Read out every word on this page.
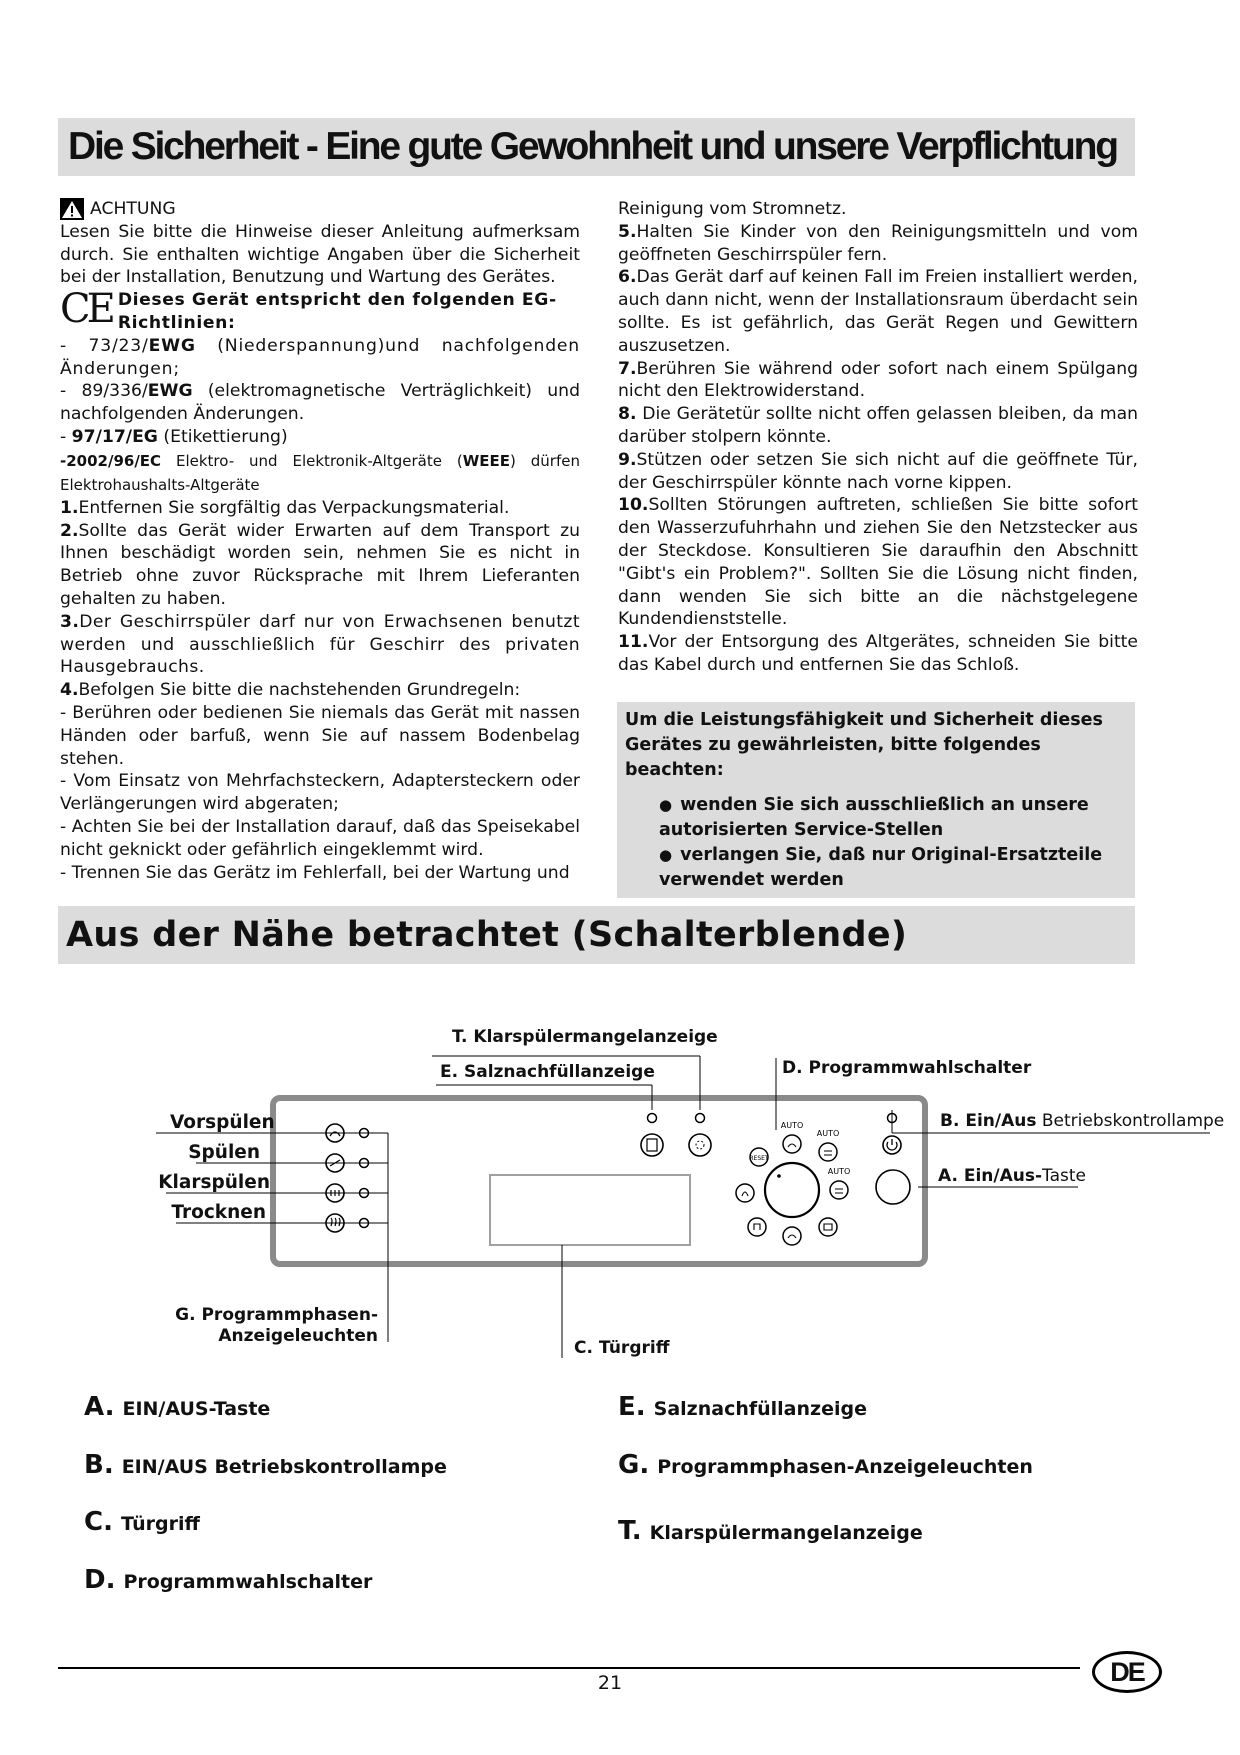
Die Sicherheit - Eine gute Gewohnheit und unsere Verpflichtung
ACHTUNG

Lesen Sie bitte die Hinweise dieser Anleitung aufmerksam durch. Sie enthalten wichtige Angaben über die Sicherheit bei der Installation, Benutzung und Wartung des Gerätes.

CE Dieses Gerät entspricht den folgenden EG-Richtlinien:

- 73/23/EWG (Niederspannung)und nachfolgenden Änderungen;

- 89/336/EWG (elektromagnetische Verträglichkeit) und nachfolgenden Änderungen.

- 97/17/EG (Etikettierung)

-2002/96/EC Elektro- und Elektronik-Altgeräte (WEEE) dürfen Elektrohaushalts-Altgeräte

1.Entfernen Sie sorgfältig das Verpackungsmaterial.

2.Sollte das Gerät wider Erwarten auf dem Transport zu Ihnen beschädigt worden sein, nehmen Sie es nicht in Betrieb ohne zuvor Rücksprache mit Ihrem Lieferanten gehalten zu haben.

3.Der Geschirrspüler darf nur von Erwachsenen benutzt werden und ausschließlich für Geschirr des privaten Hausgebrauchs.

4.Befolgen Sie bitte die nachstehenden Grundregeln:

- Berühren oder bedienen Sie niemals das Gerät mit nassen Händen oder barfuß, wenn Sie auf nassem Bodenbelag stehen.

- Vom Einsatz von Mehrfachsteckern, Adaptersteckern oder Verlängerungen wird abgeraten;

- Achten Sie bei der Installation darauf, daß das Speisekabel nicht geknickt oder gefährlich eingeklemmt wird.

- Trennen Sie das Gerätz im Fehlerfall, bei der Wartung und

Reinigung vom Stromnetz.

5.Halten Sie Kinder von den Reinigungsmitteln und vom geöffneten Geschirrspüler fern.

6.Das Gerät darf auf keinen Fall im Freien installiert werden, auch dann nicht, wenn der Installationsraum überdacht sein sollte. Es ist gefährlich, das Gerät Regen und Gewittern auszusetzen.

7.Berühren Sie während oder sofort nach einem Spülgang nicht den Elektrowiderstand.

8. Die Gerätetür sollte nicht offen gelassen bleiben, da man darüber stolpern könnte.

9.Stützen oder setzen Sie sich nicht auf die geöffnete Tür, der Geschirrspüler könnte nach vorne kippen.

10.Sollten Störungen auftreten, schließen Sie bitte sofort den Wasserzufuhrhahn und ziehen Sie den Netzstecker aus der Steckdose. Konsultieren Sie daraufhin den Abschnitt "Gibt's ein Problem?". Sollten Sie die Lösung nicht finden, dann wenden Sie sich bitte an die nächstgelegene Kundendienststelle.

11.Vor der Entsorgung des Altgerätes, schneiden Sie bitte das Kabel durch und entfernen Sie das Schloß.

Um die Leistungsfähigkeit und Sicherheit dieses Gerätes zu gewährleisten, bitte folgendes beachten:
● wenden Sie sich ausschließlich an unsere autorisierten Service-Stellen
● verlangen Sie, daß nur Original-Ersatzteile verwendet werden
Aus der Nähe betrachtet (Schalterblende)
RESET
AUTO
AUTO
AUTO
T. Klarspülermangelanzeige
E. Salznachfüllanzeige	D. Programmwahlschalter
B. Ein/Aus Betriebskontrollampe
A. Ein/Aus-Taste
Vorspülen
Spülen
Klarspülen
Trocknen
G. Programmphasen-
Anzeigeleuchten
C. Türgriff
A. EIN/AUS-Taste
B. EIN/AUS Betriebskontrollampe
C. Türgriff
D. Programmwahlschalter
E. Salznachfüllanzeige
G. Programmphasen-Anzeigeleuchten
T. Klarspülermangelanzeige
21	DE
